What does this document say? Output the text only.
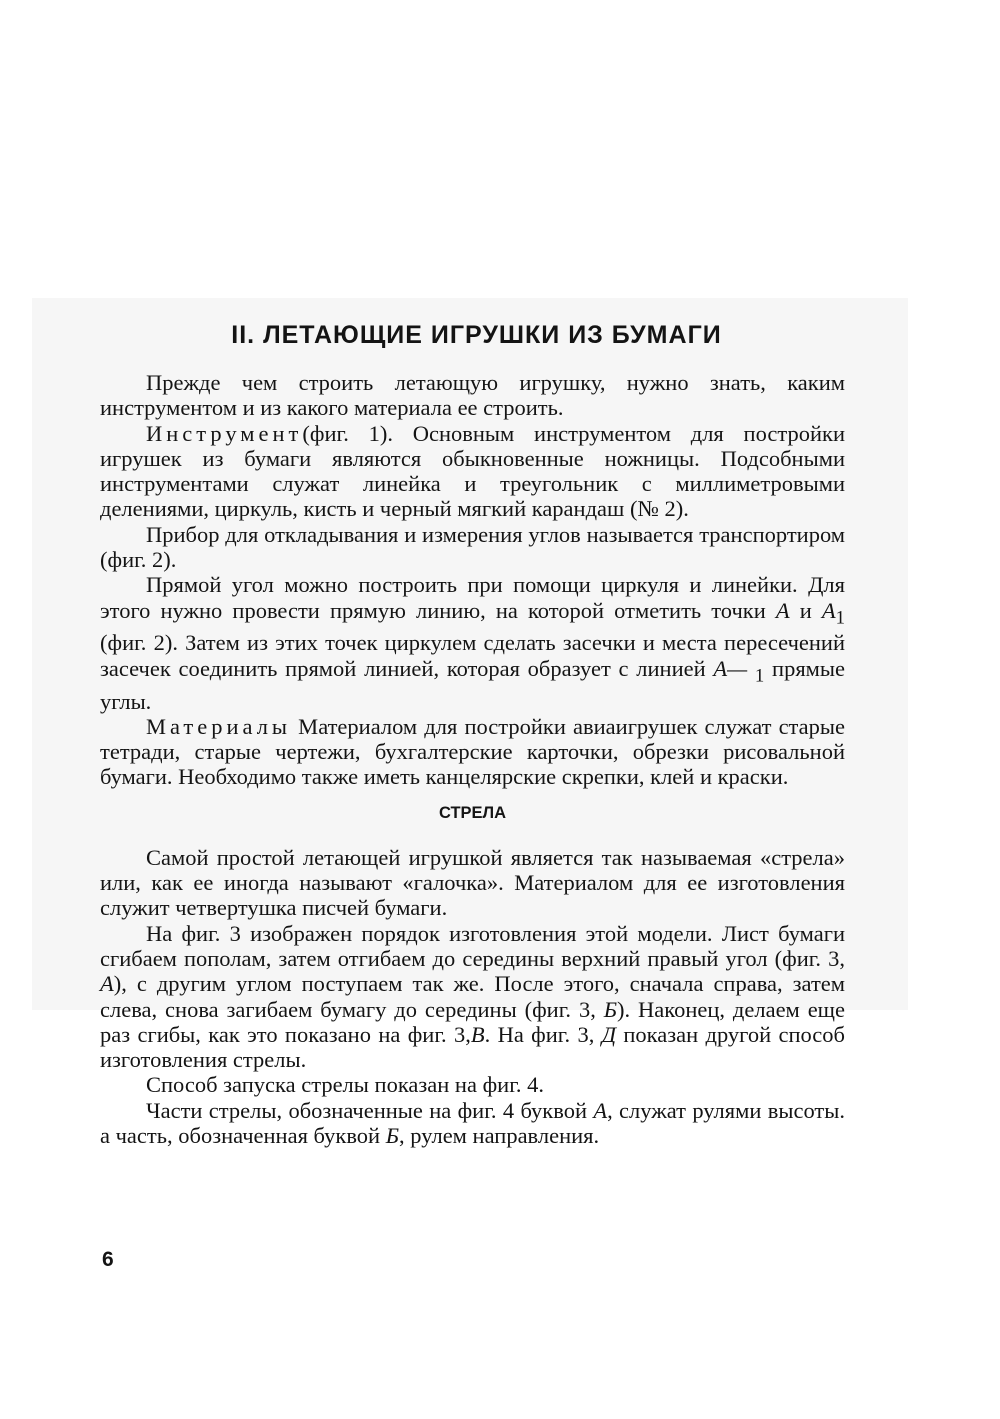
II. ЛЕТАЮЩИЕ ИГРУШКИ ИЗ БУМАГИ

Прежде чем строить летающую игрушку, нужно знать, каким инструментом и из какого материала ее строить.

Инструмент(фиг. 1). Основным инструментом для постройки игрушек из бумаги являются обыкновенные ножницы. Подсобными инструментами служат линейка и треугольник с миллиметровыми делениями, циркуль, кисть и черный мягкий карандаш (№ 2).

Прибор для откладывания и измерения углов называется транспортиром (фиг. 2).

Прямой угол можно построить при помощи циркуля и линейки. Для этого нужно провести прямую линию, на которой отметить точки A и $A_1$ (фиг. 2). Затем из этих точек циркулем сделать засечки и места пересечений засечек соединить прямой линией, которая образует с линией A— $_1$ прямые углы.

Материалы Материалом для постройки авиаигрушек служат старые тетради, старые чертежи, бухгалтерские карточки, обрезки рисовальной бумаги. Необходимо также иметь канцелярские скрепки, клей и краски.

СТРЕЛА

Самой простой летающей игрушкой является так называемая «стрела» или, как ее иногда называют «галочка». Материалом для ее изготовления служит четвертушка писчей бумаги.

На фиг. 3 изображен порядок изготовления этой модели. Лист бумаги сгибаем пополам, затем отгибаем до середины верхний правый угол (фиг. 3, A), с другим углом поступаем так же. После этого, сначала справа, затем слева, снова загибаем бумагу до середины (фиг. 3, Б). Наконец, делаем еще раз сгибы, как это показано на фиг. 3,В. На фиг. 3, Д показан другой способ изготовления стрелы.

Способ запуска стрелы показан на фиг. 4.

Части стрелы, обозначенные на фиг. 4 буквой A, служат рулями высоты. а часть, обозначенная буквой Б, рулем направления.

6
